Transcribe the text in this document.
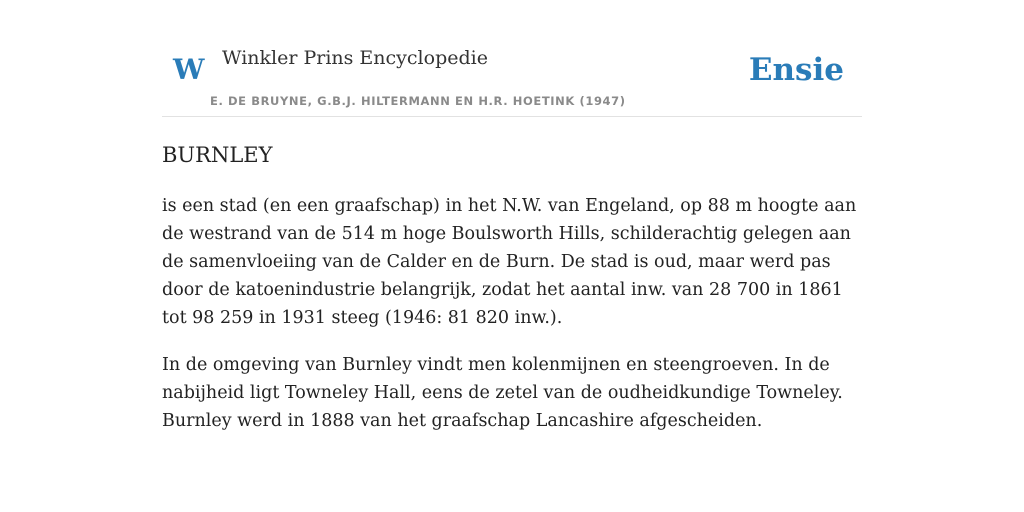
W Winkler Prins Encyclopedie
E. DE BRUYNE, G.B.J. HILTERMANN EN H.R. HOETINK (1947)
Ensie
BURNLEY

is een stad (en een graafschap) in het N.W. van Engeland, op 88 m hoogte aan de westrand van de 514 m hoge Boulsworth Hills, schilderachtig gelegen aan de samenvloeiing van de Calder en de Burn. De stad is oud, maar werd pas door de katoenindustrie belangrijk, zodat het aantal inw. van 28 700 in 1861 tot 98 259 in 1931 steeg (1946: 81 820 inw.).

In de omgeving van Burnley vindt men kolenmijnen en steengroeven. In de nabijheid ligt Towneley Hall, eens de zetel van de oudheidkundige Towneley. Burnley werd in 1888 van het graafschap Lancashire afgescheiden.
